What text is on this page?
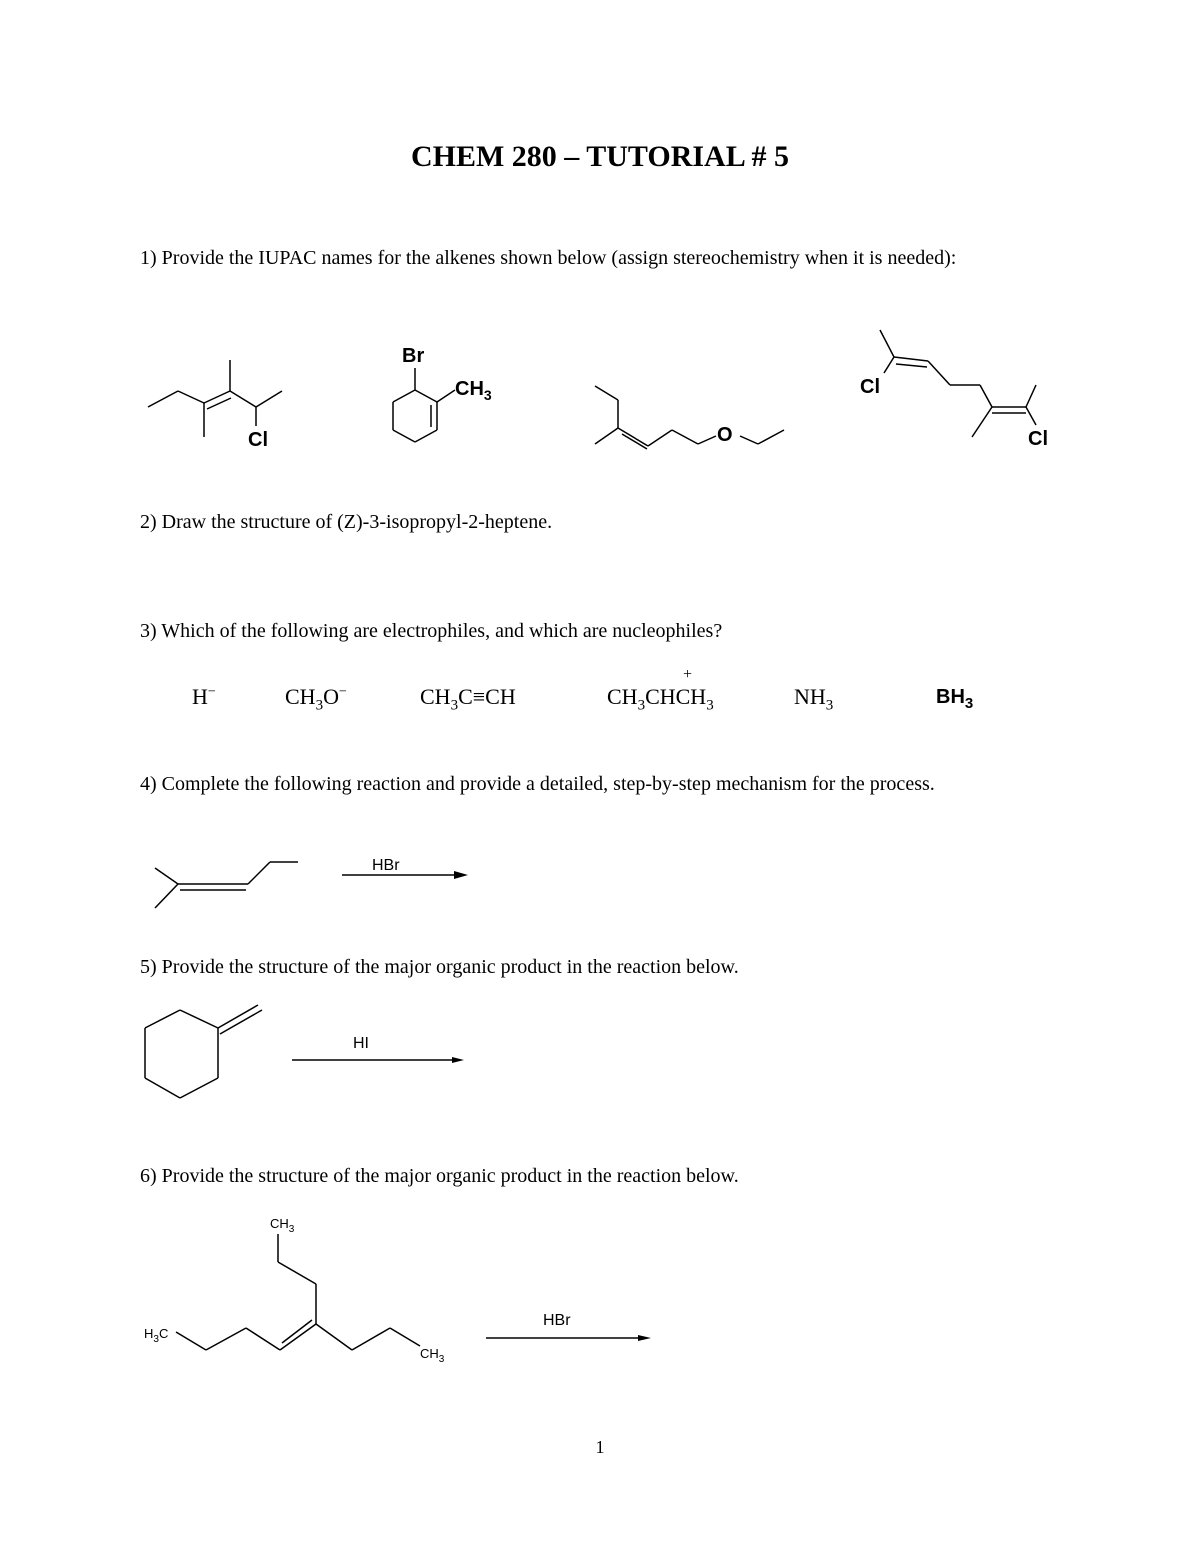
CHEM 280 – TUTORIAL # 5
1) Provide the IUPAC names for the alkenes shown below (assign stereochemistry when it is needed):
Cl
Br
$CH_3$
O
Cl
Cl
2) Draw the structure of (Z)-3-isopropyl-2-heptene.
3) Which of the following are electrophiles, and which are nucleophiles?
H−	$CH_3O^-$	$CH_3C\equiv CH$	$CH_3CHCH_3$
+
$NH_3$	$BH_3$
4) Complete the following reaction and provide a detailed, step-by-step mechanism for the process.
HBr
5) Provide the structure of the major organic product in the reaction below.
HI
6) Provide the structure of the major organic product in the reaction below.
$CH_3$
$H_3C$
$CH_3$
HBr
1
